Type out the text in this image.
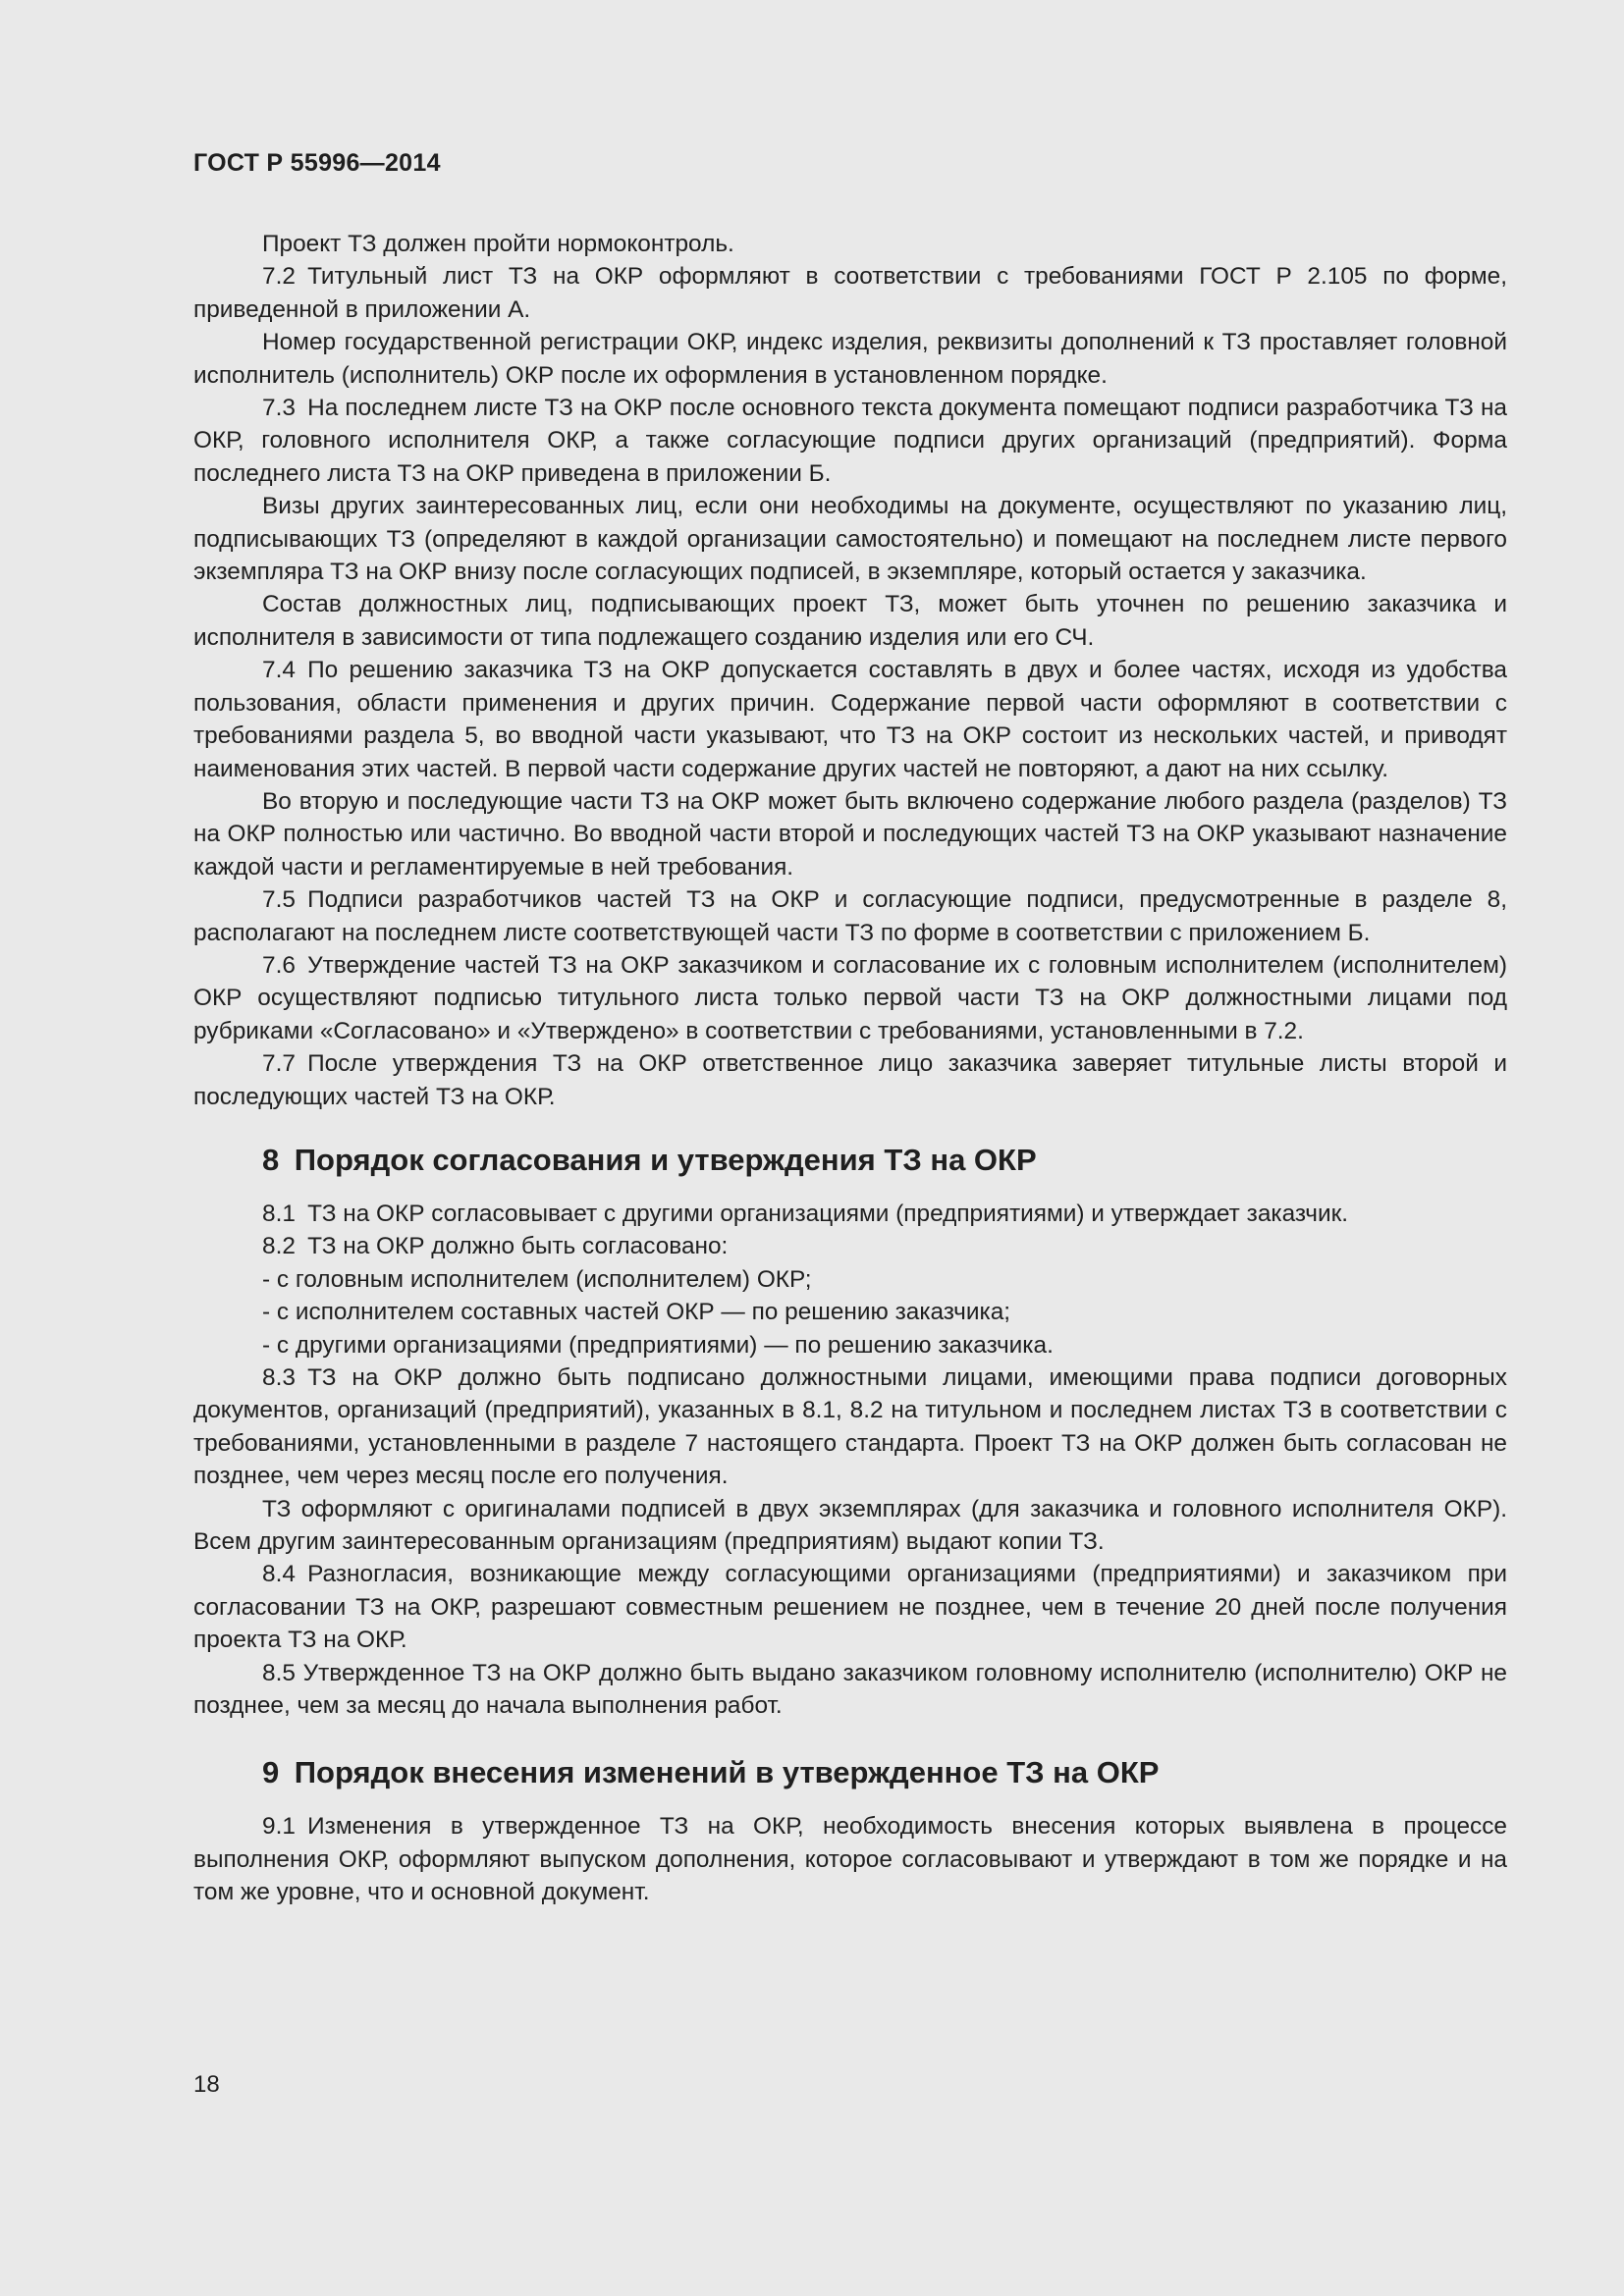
ГОСТ Р 55996—2014

Проект ТЗ должен пройти нормоконтроль.

7.2 Титульный лист ТЗ на ОКР оформляют в соответствии с требованиями ГОСТ Р 2.105 по форме, приведенной в приложении А.

Номер государственной регистрации ОКР, индекс изделия, реквизиты дополнений к ТЗ проставляет головной исполнитель (исполнитель) ОКР после их оформления в установленном порядке.

7.3 На последнем листе ТЗ на ОКР после основного текста документа помещают подписи разработчика ТЗ на ОКР, головного исполнителя ОКР, а также согласующие подписи других организаций (предприятий). Форма последнего листа ТЗ на ОКР приведена в приложении Б.

Визы других заинтересованных лиц, если они необходимы на документе, осуществляют по указанию лиц, подписывающих ТЗ (определяют в каждой организации самостоятельно) и помещают на последнем листе первого экземпляра ТЗ на ОКР внизу после согласующих подписей, в экземпляре, который остается у заказчика.

Состав должностных лиц, подписывающих проект ТЗ, может быть уточнен по решению заказчика и исполнителя в зависимости от типа подлежащего созданию изделия или его СЧ.

7.4 По решению заказчика ТЗ на ОКР допускается составлять в двух и более частях, исходя из удобства пользования, области применения и других причин. Содержание первой части оформляют в соответствии с требованиями раздела 5, во вводной части указывают, что ТЗ на ОКР состоит из нескольких частей, и приводят наименования этих частей. В первой части содержание других частей не повторяют, а дают на них ссылку.

Во вторую и последующие части ТЗ на ОКР может быть включено содержание любого раздела (разделов) ТЗ на ОКР полностью или частично. Во вводной части второй и последующих частей ТЗ на ОКР указывают назначение каждой части и регламентируемые в ней требования.

7.5 Подписи разработчиков частей ТЗ на ОКР и согласующие подписи, предусмотренные в разделе 8, располагают на последнем листе соответствующей части ТЗ по форме в соответствии с приложением Б.

7.6 Утверждение частей ТЗ на ОКР заказчиком и согласование их с головным исполнителем (исполнителем) ОКР осуществляют подписью титульного листа только первой части ТЗ на ОКР должностными лицами под рубриками «Согласовано» и «Утверждено» в соответствии с требованиями, установленными в 7.2.

7.7 После утверждения ТЗ на ОКР ответственное лицо заказчика заверяет титульные листы второй и последующих частей ТЗ на ОКР.

8 Порядок согласования и утверждения ТЗ на ОКР

8.1 ТЗ на ОКР согласовывает с другими организациями (предприятиями) и утверждает заказчик.

8.2 ТЗ на ОКР должно быть согласовано:

- с головным исполнителем (исполнителем) ОКР;

- с исполнителем составных частей ОКР — по решению заказчика;

- с другими организациями (предприятиями) — по решению заказчика.

8.3 ТЗ на ОКР должно быть подписано должностными лицами, имеющими права подписи договорных документов, организаций (предприятий), указанных в 8.1, 8.2 на титульном и последнем листах ТЗ в соответствии с требованиями, установленными в разделе 7 настоящего стандарта. Проект ТЗ на ОКР должен быть согласован не позднее, чем через месяц после его получения.

ТЗ оформляют с оригиналами подписей в двух экземплярах (для заказчика и головного исполнителя ОКР). Всем другим заинтересованным организациям (предприятиям) выдают копии ТЗ.

8.4 Разногласия, возникающие между согласующими организациями (предприятиями) и заказчиком при согласовании ТЗ на ОКР, разрешают совместным решением не позднее, чем в течение 20 дней после получения проекта ТЗ на ОКР.

8.5 Утвержденное ТЗ на ОКР должно быть выдано заказчиком головному исполнителю (исполнителю) ОКР не позднее, чем за месяц до начала выполнения работ.

9 Порядок внесения изменений в утвержденное ТЗ на ОКР

9.1 Изменения в утвержденное ТЗ на ОКР, необходимость внесения которых выявлена в процессе выполнения ОКР, оформляют выпуском дополнения, которое согласовывают и утверждают в том же порядке и на том же уровне, что и основной документ.

18
